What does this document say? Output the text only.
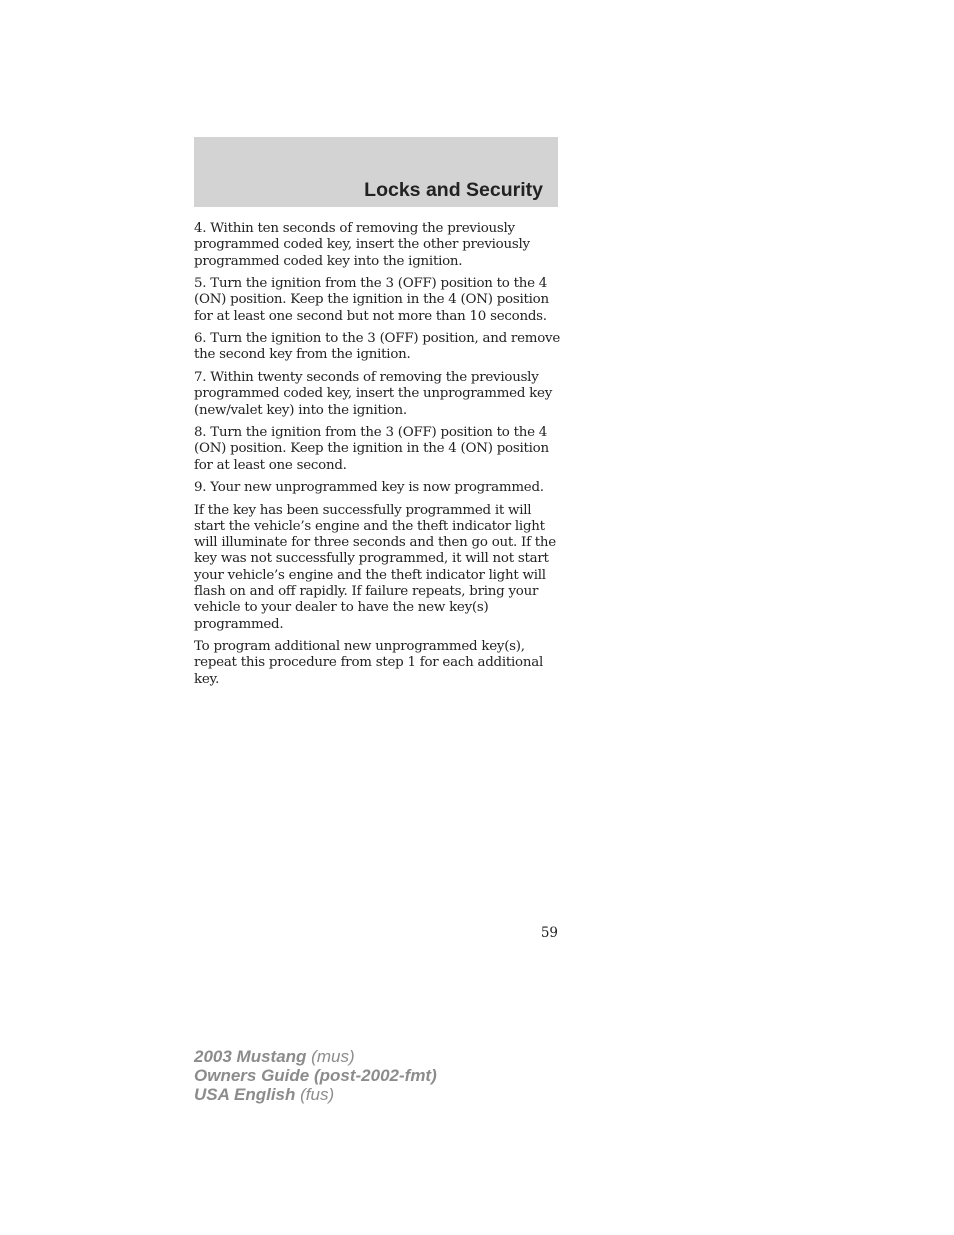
Locks and Security

4. Within ten seconds of removing the previously programmed coded key, insert the other previously programmed coded key into the ignition.

5. Turn the ignition from the 3 (OFF) position to the 4 (ON) position. Keep the ignition in the 4 (ON) position for at least one second but not more than 10 seconds.

6. Turn the ignition to the 3 (OFF) position, and remove the second key from the ignition.

7. Within twenty seconds of removing the previously programmed coded key, insert the unprogrammed key (new/valet key) into the ignition.

8. Turn the ignition from the 3 (OFF) position to the 4 (ON) position. Keep the ignition in the 4 (ON) position for at least one second.

9. Your new unprogrammed key is now programmed.

If the key has been successfully programmed it will start the vehicle’s engine and the theft indicator light will illuminate for three seconds and then go out. If the key was not successfully programmed, it will not start your vehicle’s engine and the theft indicator light will flash on and off rapidly. If failure repeats, bring your vehicle to your dealer to have the new key(s) programmed.

To program additional new unprogrammed key(s), repeat this procedure from step 1 for each additional key.

59
2003 Mustang (mus)
Owners Guide (post-2002-fmt)
USA English (fus)
